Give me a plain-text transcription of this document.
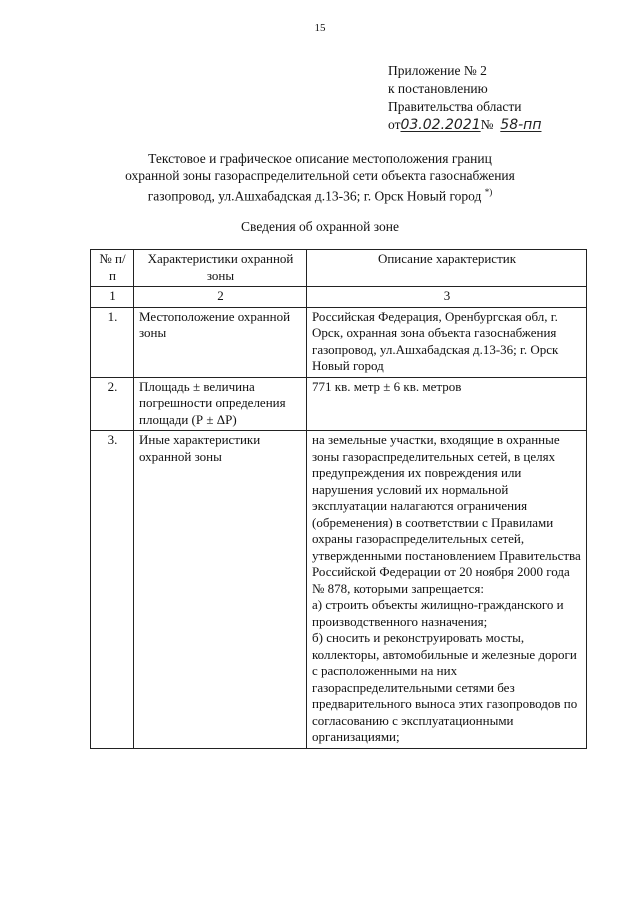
15
Приложение № 2
к постановлению
Правительства области
от03.02.2021№ 58-пп
Текстовое и графическое описание местоположения границ
охранной зоны газораспределительной сети объекта газоснабжения
газопровод, ул.Ашхабадская д.13-36; г. Орск Новый город *)
Сведения об охранной зоне
№ п/п	Характеристики охранной зоны	Описание характеристик
1	2	3
1.	Местоположение охранной зоны	Российская Федерация, Оренбургская обл, г. Орск, охранная зона объекта газоснабжения газопровод, ул.Ашхабадская д.13-36; г. Орск Новый город
2.	Площадь ± величина погрешности определения площади (Р ± ΔР)	771 кв. метр ± 6 кв. метров
3.	Иные характеристики охранной зоны	на земельные участки, входящие в охранные зоны газораспределительных сетей, в целях предупреждения их повреждения или нарушения условий их нормальной эксплуатации налагаются ограничения (обременения) в соответствии с Правилами охраны газораспределительных сетей, утвержденными постановлением Правительства Российской Федерации от 20 ноября 2000 года № 878, которыми запрещается:
а) строить объекты жилищно-гражданского и производственного назначения;
б) сносить и реконструировать мосты, коллекторы, автомобильные и железные дороги с расположенными на них газораспределительными сетями без предварительного выноса этих газопроводов по согласованию с эксплуатационными организациями;
